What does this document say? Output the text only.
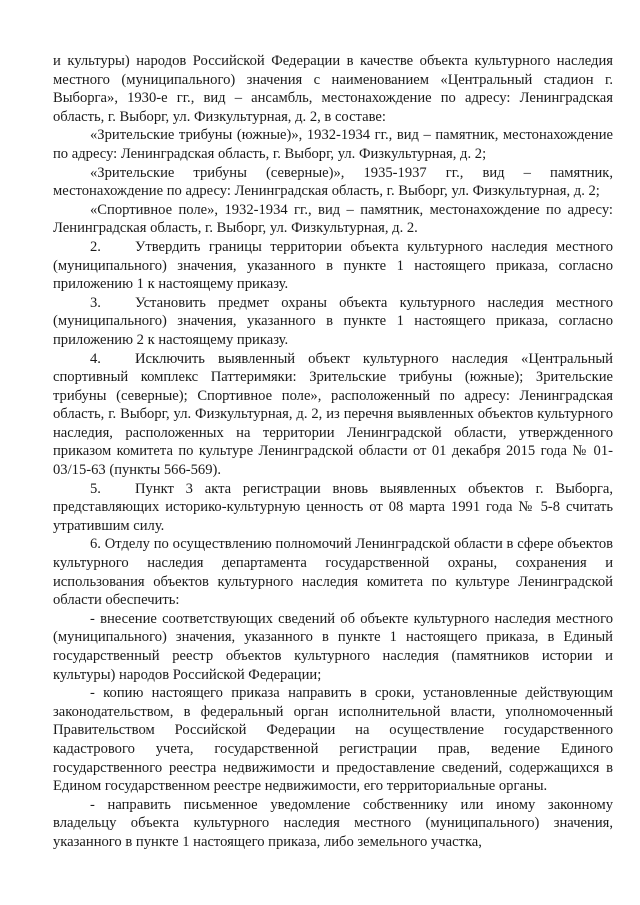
и культуры) народов Российской Федерации в качестве объекта культурного наследия местного (муниципального) значения с наименованием «Центральный стадион г. Выборга», 1930-е гг., вид – ансамбль, местонахождение по адресу: Ленинградская область, г. Выборг, ул. Физкультурная, д. 2, в составе:

«Зрительские трибуны (южные)», 1932-1934 гг., вид – памятник, местонахождение по адресу: Ленинградская область, г. Выборг, ул. Физкультурная, д. 2;

«Зрительские трибуны (северные)», 1935-1937 гг., вид – памятник, местонахождение по адресу: Ленинградская область, г. Выборг, ул. Физкультурная, д. 2;

«Спортивное поле», 1932-1934 гг., вид – памятник, местонахождение по адресу: Ленинградская область, г. Выборг, ул. Физкультурная, д. 2.

2. Утвердить границы территории объекта культурного наследия местного (муниципального) значения, указанного в пункте 1 настоящего приказа, согласно приложению 1 к настоящему приказу.

3. Установить предмет охраны объекта культурного наследия местного (муниципального) значения, указанного в пункте 1 настоящего приказа, согласно приложению 2 к настоящему приказу.

4. Исключить выявленный объект культурного наследия «Центральный спортивный комплекс Паттеримяки: Зрительские трибуны (южные); Зрительские трибуны (северные); Спортивное поле», расположенный по адресу: Ленинградская область, г. Выборг, ул. Физкультурная, д. 2, из перечня выявленных объектов культурного наследия, расположенных на территории Ленинградской области, утвержденного приказом комитета по культуре Ленинградской области от 01 декабря 2015 года № 01-03/15-63 (пункты 566-569).

5. Пункт 3 акта регистрации вновь выявленных объектов г. Выборга, представляющих историко-культурную ценность от 08 марта 1991 года № 5-8 считать утратившим силу.

6. Отделу по осуществлению полномочий Ленинградской области в сфере объектов культурного наследия департамента государственной охраны, сохранения и использования объектов культурного наследия комитета по культуре Ленинградской области обеспечить:

- внесение соответствующих сведений об объекте культурного наследия местного (муниципального) значения, указанного в пункте 1 настоящего приказа, в Единый государственный реестр объектов культурного наследия (памятников истории и культуры) народов Российской Федерации;

- копию настоящего приказа направить в сроки, установленные действующим законодательством, в федеральный орган исполнительной власти, уполномоченный Правительством Российской Федерации на осуществление государственного кадастрового учета, государственной регистрации прав, ведение Единого государственного реестра недвижимости и предоставление сведений, содержащихся в Едином государственном реестре недвижимости, его территориальные органы.

- направить письменное уведомление собственнику или иному законному владельцу объекта культурного наследия местного (муниципального) значения, указанного в пункте 1 настоящего приказа, либо земельного участка,
